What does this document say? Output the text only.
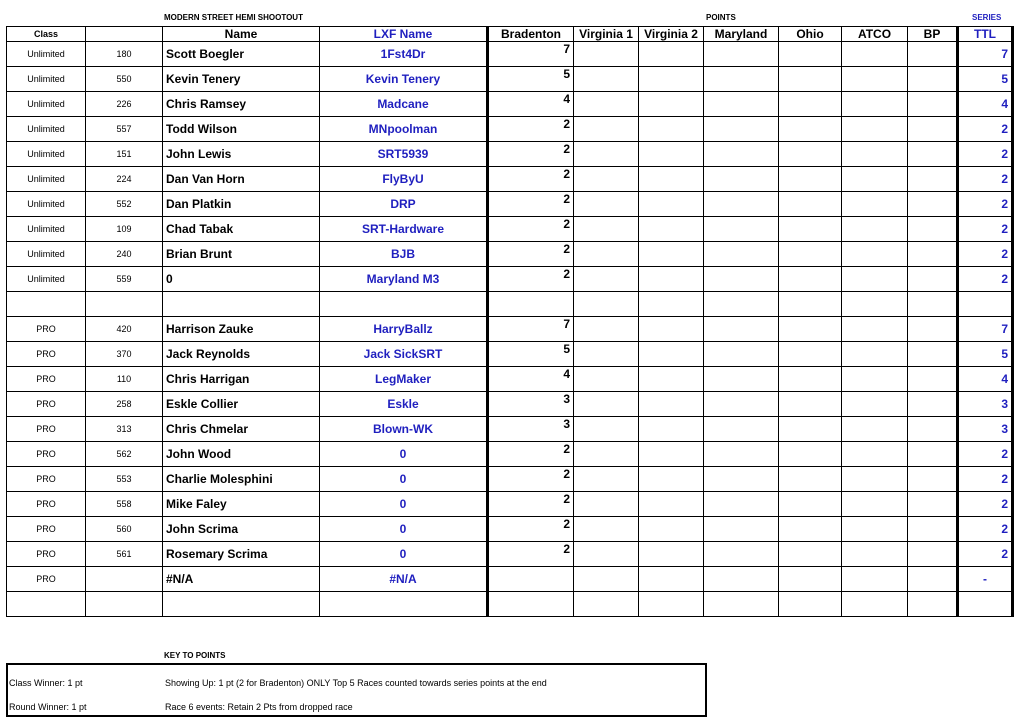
MODERN STREET HEMI SHOOTOUT	POINTS	SERIES
Class		Name	LXF Name	Bradenton	Virginia 1	Virginia 2	Maryland	Ohio	ATCO	BP	TTL
Unlimited	180	Scott Boegler	1Fst4Dr	7							7
Unlimited	550	Kevin Tenery	Kevin Tenery	5							5
Unlimited	226	Chris Ramsey	Madcane	4							4
Unlimited	557	Todd Wilson	MNpoolman	2							2
Unlimited	151	John Lewis	SRT5939	2							2
Unlimited	224	Dan Van Horn	FlyByU	2							2
Unlimited	552	Dan Platkin	DRP	2							2
Unlimited	109	Chad Tabak	SRT-Hardware	2							2
Unlimited	240	Brian Brunt	BJB	2							2
Unlimited	559	0	Maryland M3	2							2

PRO	420	Harrison Zauke	HarryBallz	7							7
PRO	370	Jack Reynolds	Jack SickSRT	5							5
PRO	110	Chris Harrigan	LegMaker	4							4
PRO	258	Eskle Collier	Eskle	3							3
PRO	313	Chris Chmelar	Blown-WK	3							3
PRO	562	John Wood	0	2							2
PRO	553	Charlie Molesphini	0	2							2
PRO	558	Mike Faley	0	2							2
PRO	560	John Scrima	0	2							2
PRO	561	Rosemary Scrima	0	2							2
PRO		#N/A	#N/A								-

KEY TO POINTS
Class Winner: 1 pt
Round Winner: 1 pt
Showing Up: 1 pt (2 for Bradenton) ONLY Top 5 Races counted towards series points at the end
Race 6 events: Retain 2 Pts from dropped race
